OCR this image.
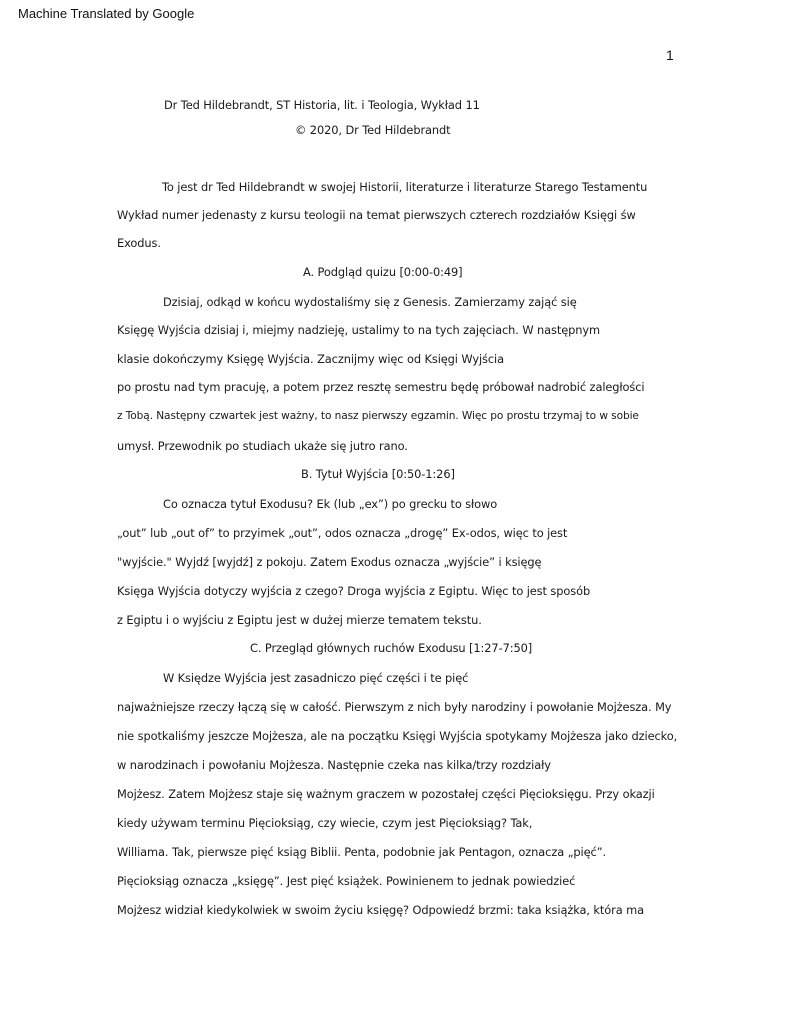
Machine Translated by Google
1
Dr Ted Hildebrandt, ST Historia, lit. i Teologia, Wykład 11
© 2020, Dr Ted Hildebrandt
To jest dr Ted Hildebrandt w swojej Historii, literaturze i literaturze Starego Testamentu
Wykład numer jedenasty z kursu teologii na temat pierwszych czterech rozdziałów Księgi św
Exodus.
A. Podgląd quizu [0:00-0:49]
Dzisiaj, odkąd w końcu wydostaliśmy się z Genesis. Zamierzamy zająć się
Księgę Wyjścia dzisiaj i, miejmy nadzieję, ustalimy to na tych zajęciach. W następnym
klasie dokończymy Księgę Wyjścia. Zacznijmy więc od Księgi Wyjścia
po prostu nad tym pracuję, a potem przez resztę semestru będę próbował nadrobić zaległości
z Tobą. Następny czwartek jest ważny, to nasz pierwszy egzamin. Więc po prostu trzymaj to w sobie
umysł. Przewodnik po studiach ukaże się jutro rano.
B. Tytuł Wyjścia [0:50-1:26]
Co oznacza tytuł Exodusu? Ek (lub „ex”) po grecku to słowo
„out” lub „out of” to przyimek „out”, odos oznacza „drogę” Ex-odos, więc to jest
"wyjście." Wyjdź [wyjdź] z pokoju. Zatem Exodus oznacza „wyjście” i księgę
Księga Wyjścia dotyczy wyjścia z czego? Droga wyjścia z Egiptu. Więc to jest sposób
z Egiptu i o wyjściu z Egiptu jest w dużej mierze tematem tekstu.
C. Przegląd głównych ruchów Exodusu [1:27-7:50]
W Księdze Wyjścia jest zasadniczo pięć części i te pięć
najważniejsze rzeczy łączą się w całość. Pierwszym z nich były narodziny i powołanie Mojżesza. My
nie spotkaliśmy jeszcze Mojżesza, ale na początku Księgi Wyjścia spotykamy Mojżesza jako dziecko,
w narodzinach i powołaniu Mojżesza. Następnie czeka nas kilka/trzy rozdziały
Mojżesz. Zatem Mojżesz staje się ważnym graczem w pozostałej części Pięcioksięgu. Przy okazji
kiedy używam terminu Pięcioksiąg, czy wiecie, czym jest Pięcioksiąg? Tak,
Williama. Tak, pierwsze pięć ksiąg Biblii. Penta, podobnie jak Pentagon, oznacza „pięć”.
Pięcioksiąg oznacza „księgę”. Jest pięć książek. Powinienem to jednak powiedzieć
Mojżesz widział kiedykolwiek w swoim życiu księgę? Odpowiedź brzmi: taka książka, która ma
